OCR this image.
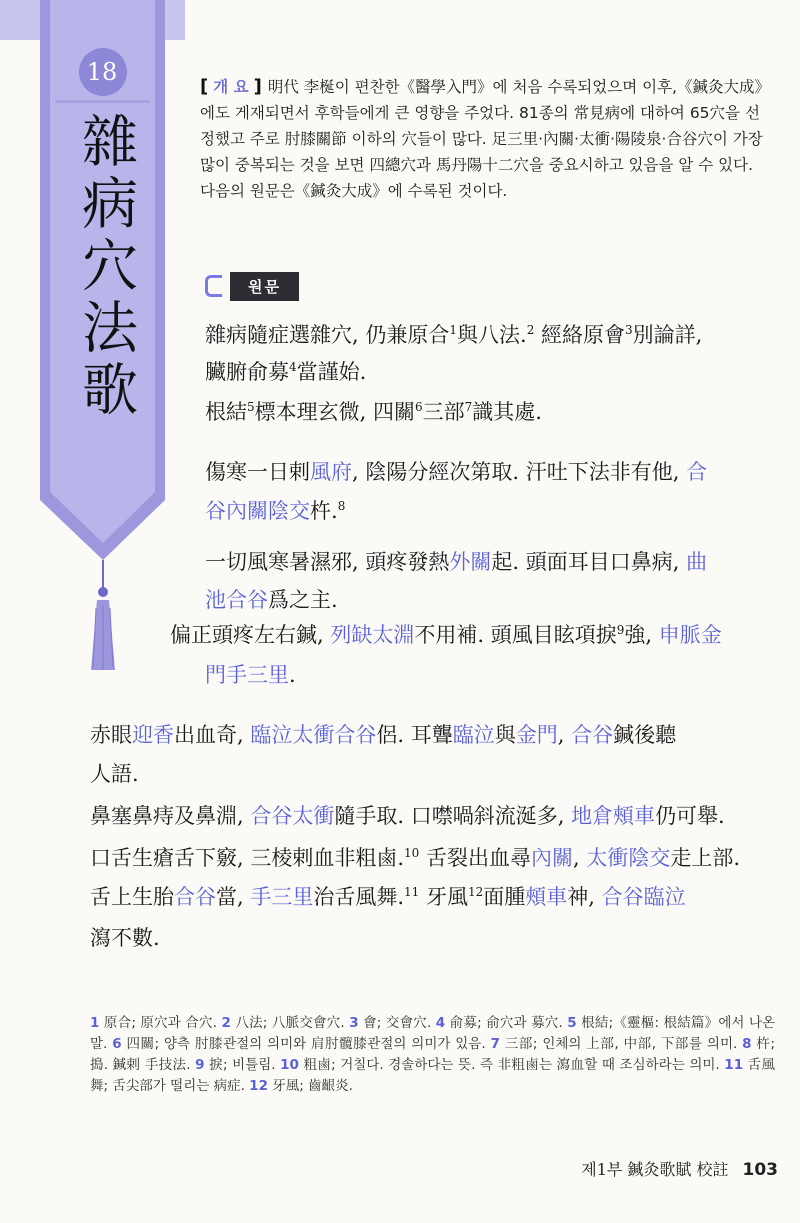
18
雜病穴法歌

[ 개 요 ] 明代 李梴이 편찬한《醫學入門》에 처음 수록되었으며 이후,《鍼灸大成》에도 게재되면서 후학들에게 큰 영향을 주었다. 81종의 常見病에 대하여 65穴을 선정했고 주로 肘膝關節 이하의 穴들이 많다. 足三里·內關·太衝·陽陵泉·合谷穴이 가장 많이 중복되는 것을 보면 四總穴과 馬丹陽十二穴을 중요시하고 있음을 알 수 있다. 다음의 원문은《鍼灸大成》에 수록된 것이다.

원문

雜病隨症選雜穴, 仍兼原合$^1$與八法.$^2$ 經絡原會$^3$別論詳,

臟腑俞募$^4$當謹始.

根結$^5$標本理玄微, 四關$^6$三部$^7$識其處.

傷寒一日剌風府, 陰陽分經次第取. 汗吐下法非有他, 合

谷內關陰交杵.$^8$

一切風寒暑濕邪, 頭疼發熱外關起. 頭面耳目口鼻病, 曲

池合谷爲之主.

偏正頭疼左右鍼, 列缺太淵不用補. 頭風目眩項捩$^9$強, 申脈金

門手三里.

赤眼迎香出血奇, 臨泣太衝合谷侶. 耳聾臨泣與金門, 合谷鍼後聽

人語.

鼻塞鼻痔及鼻淵, 合谷太衝隨手取. 口噤喎斜流涎多, 地倉頰車仍可舉.

口舌生瘡舌下竅, 三棱剌血非粗鹵.$^{10}$ 舌裂出血尋內關, 太衝陰交走上部.

舌上生胎合谷當, 手三里治舌風舞.$^{11}$ 牙風$^{12}$面腫頰車神, 合谷臨泣

瀉不數.

1 原合; 原穴과 合穴. 2 八法; 八脈交會穴. 3 會; 交會穴. 4 俞募; 俞穴과 募穴. 5 根結;《靈樞: 根結篇》에서 나온 말. 6 四關; 양측 肘膝관절의 의미와 肩肘髖膝관절의 의미가 있음. 7 三部; 인체의 上部, 中部, 下部를 의미. 8 杵; 搗. 鍼剌 手技法. 9 捩; 비틀림. 10 粗鹵; 거칠다. 경솔하다는 뜻. 즉 非粗鹵는 瀉血할 때 조심하라는 의미. 11 舌風舞; 舌尖部가 떨리는 病症. 12 牙風; 齒齦炎.

제1부 鍼灸歌賦 校註 103
